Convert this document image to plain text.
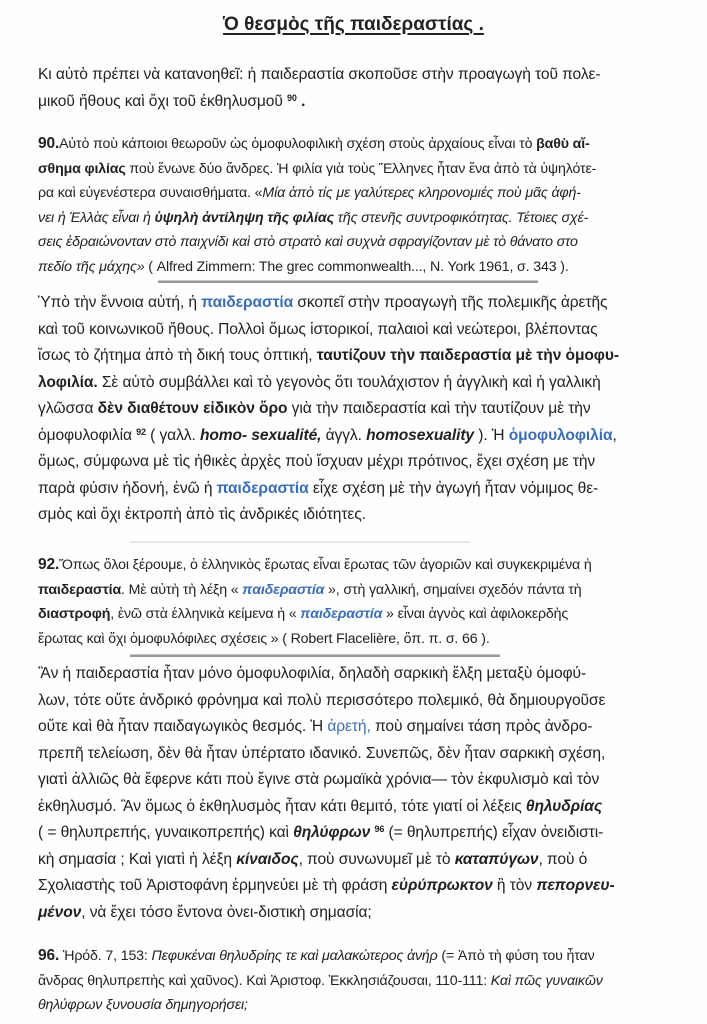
Ὁ θεσμὸς τῆς παιδεραστίας .
Κι αὐτὸ πρέπει νὰ κατανοηθεῖ: ἡ παιδεραστία σκοποῦσε στὴν προαγωγὴ τοῦ πολε-
μικοῦ ἤθους καὶ ὄχι τοῦ ἐκθηλυσμοῦ $^{90}$ .
90.Αὐτὸ ποὺ κάποιοι θεωροῦν ὡς ὁμοφυλοφιλικὴ σχέση στοὺς ἀρχαίους εἶναι τὸ βαθὺ αἴ-
σθημα φιλίας ποὺ ἕνωνε δύο ἄνδρες. Ἡ φιλία γιὰ τοὺς Ἕλληνες ἦταν ἕνα ἀπὸ τὰ ὑψηλότε-
ρα καὶ εὐγενέστερα συναισθήματα. «Μία ἀπὸ τίς με γαλύτερες κληρονομιές ποὺ μᾶς ἀφή-
νει ἡ Ἑλλὰς εἶναι ἡ ὑψηλὴ ἀντίληψη τῆς φιλίας τῆς στενῆς συντροφικότητας. Τέτοιες σχέ-
σεις ἑδραιώνονταν στὸ παιχνίδι καὶ στὸ στρατὸ καὶ συχνὰ σφραγίζονταν μὲ τὸ θάνατο στο
πεδίο τῆς μάχης» ( Alfred Zimmern: The grec commonwealth..., N. York 1961, σ. 343 ).
Ὑπὸ τὴν ἔννοια αὐτή, ἡ παιδεραστία σκοπεῖ στὴν προαγωγὴ τῆς πολεμικῆς ἀρετῆς
καὶ τοῦ κοινωνικοῦ ἤθους. Πολλοὶ ὅμως ἱστορικοί, παλαιοὶ καὶ νεώτεροι, βλέποντας
ἴσως τὸ ζήτημα ἀπὸ τὴ δική τους ὀπτική, ταυτίζουν τὴν παιδεραστία μὲ τὴν ὁμοφυ-
λοφιλία. Σὲ αὐτὸ συμβάλλει καὶ τὸ γεγονὸς ὅτι τουλάχιστον ἡ ἀγγλικὴ καὶ ἡ γαλλικὴ
γλῶσσα δὲν διαθέτουν εἰδικὸν ὅρο γιὰ τὴν παιδεραστία καὶ τὴν ταυτίζουν μὲ τὴν
ὁμοφυλοφιλία $^{92}$ ( γαλλ. homo- sexualité, ἀγγλ. homosexuality ). Ἡ ὁμοφυλοφιλία,
ὅμως, σύμφωνα μὲ τὶς ἠθικὲς ἀρχὲς ποὺ ἴσχυαν μέχρι πρότινος, ἔχει σχέση με τὴν
παρὰ φύσιν ἡδονή, ἐνῶ ἡ παιδεραστία εἶχε σχέση μὲ τὴν ἀγωγή ἦταν νόμιμος θε-
σμὸς καὶ ὄχι ἐκτροπὴ ἀπὸ τὶς ἀνδρικές ιδιότητες.
92.Ὅπως ὅλοι ξέρουμε, ὁ ἑλληνικὸς ἔρωτας εἶναι ἔρωτας τῶν ἀγοριῶν καὶ συγκεκριμένα ἡ
παιδεραστία. Μὲ αὐτὴ τὴ λέξη « παιδεραστία », στὴ γαλλική, σημαίνει σχεδόν πάντα τὴ
διαστροφή, ἐνῶ στὰ ἑλληνικὰ κείμενα ἡ « παιδεραστία » εἶναι ἁγνὸς καὶ ἀφιλοκερδὴς
ἔρωτας καὶ ὄχι ὁμοφυλόφιλες σχέσεις » ( Robert Flacelière, ὅπ. π. σ. 66 ).
Ἂν ἡ παιδεραστία ἦταν μόνο ὁμοφυλοφιλία, δηλαδὴ σαρκικὴ ἕλξη μεταξὺ ὁμοφύ-
λων, τότε οὔτε ἀνδρικό φρόνημα καὶ πολὺ περισσότερο πολεμικό, θὰ δημιουργοῦσε
οὔτε καὶ θὰ ἦταν παιδαγωγικὸς θεσμός. Ἡ ἀρετή, ποὺ σημαίνει τάση πρὸς ἀνδρο-
πρεπῆ τελείωση, δὲν θὰ ἦταν ὑπέρτατο ιδανικό. Συνεπῶς, δὲν ἦταν σαρκικὴ σχέση,
γιατὶ ἀλλιῶς θὰ ἔφερνε κάτι ποὺ ἔγινε στὰ ρωμαϊκὰ χρόνια— τὸν ἐκφυλισμὸ καὶ τὸν
ἐκθηλυσμό. Ἂν ὅμως ὁ ἐκθηλυσμὸς ἦταν κάτι θεμιτό, τότε γιατί οἱ λέξεις θηλυδρίας
( = θηλυπρεπής, γυναικοπρεπής) καὶ θηλύφρων $^{96}$ (= θηλυπρεπής) εἶχαν ὀνειδιστι-
κὴ σημασία ; Καὶ γιατὶ ἡ λέξη κίναιδος, ποὺ συνωνυμεῖ μὲ τὸ καταπύγων, ποὺ ὁ
Σχολιαστὴς τοῦ Ἀριστοφάνη ἑρμηνεύει μὲ τὴ φράση εὐρύπρωκτον ἢ τὸν πεπορνευ-
μένον, νὰ ἔχει τόσο ἔντονα ὀνει-διστικὴ σημασία;
96. Ἡρόδ. 7, 153: Πεφυκέναι θηλυδρίης τε καὶ μαλακώτερος ἀνήρ (= Ἀπὸ τὴ φύση του ἦταν
ἄνδρας θηλυπρεπὴς καὶ χαῦνος). Καὶ Ἀριστοφ. Ἐκκλησιάζουσαι, 110-111: Καὶ πῶς γυναικῶν
θηλύφρων ξυνουσία δημηγορήσει;
